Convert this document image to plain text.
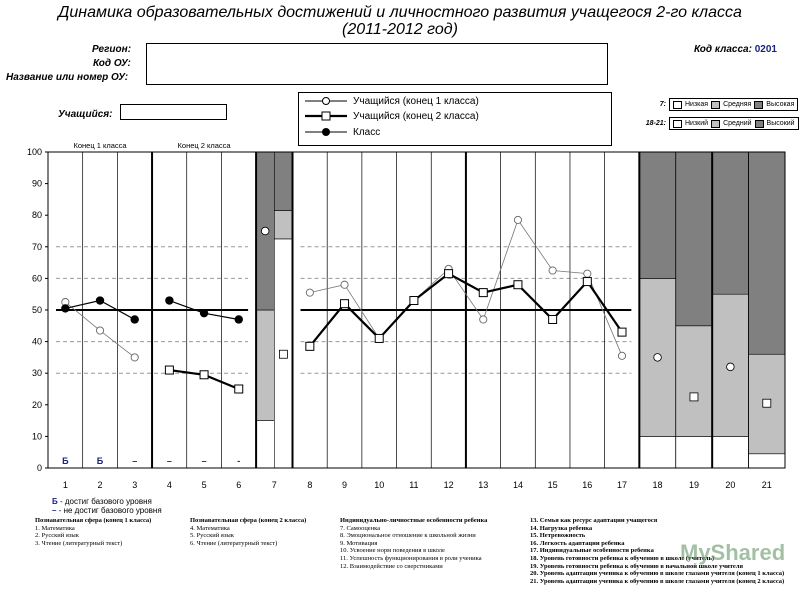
Динамика образовательных достижений и личностного развития учащегося 2-го класса
(2011-2012 год)
Регион:
Код ОУ:
Название или номер ОУ:
Код класса: 0201
Учащийся:
Учащийся (конец 1 класса)
Учащийся (конец 2 класса)
Класс
7:	Низкая Средняя Высокая
18-21:	Низкий Средний Высокий
0
10
20
30
40
50
60
70
80
90
100
1	2	3	4	5	6	7	8	9	10	11	12	13	14	15	16	17	18	19	20	21
Б	Б	–	–	–	-
Конец 1 класса	Конец 2 класса
Б - достиг базового уровня
– - не достиг базового уровня
Познавательная сфера (конец 1 класса)
1. Математика
2. Русский язык
3. Чтение (литературный текст)
Познавательная сфера (конец 2 класса)
4. Математика
5. Русский язык
6. Чтение (литературный текст)
Индивидуально-личностные особенности ребенка
7. Самооценка
8. Эмоциональное отношение к школьной жизни
9. Мотивация
10. Усвоение норм поведения в школе
11. Успешность функционирования в роли ученика
12. Взаимодействие со сверстниками
13. Семья как ресурс адаптации учащегося
14. Нагрузка ребенка
15. Нетревожность
16. Легкость адаптации ребенка
17. Индивидуальные особенности ребенка
18. Уровень готовности ребенка к обучению в школе (учитель)
19. Уровень готовности ребенка к обучению в начальной школе учителя
20. Уровень адаптации ученика к обучению в школе глазами учителя (конец 1 класса)
21. Уровень адаптации ученика к обучению в школе глазами учителя (конец 2 класса)
MyShared
